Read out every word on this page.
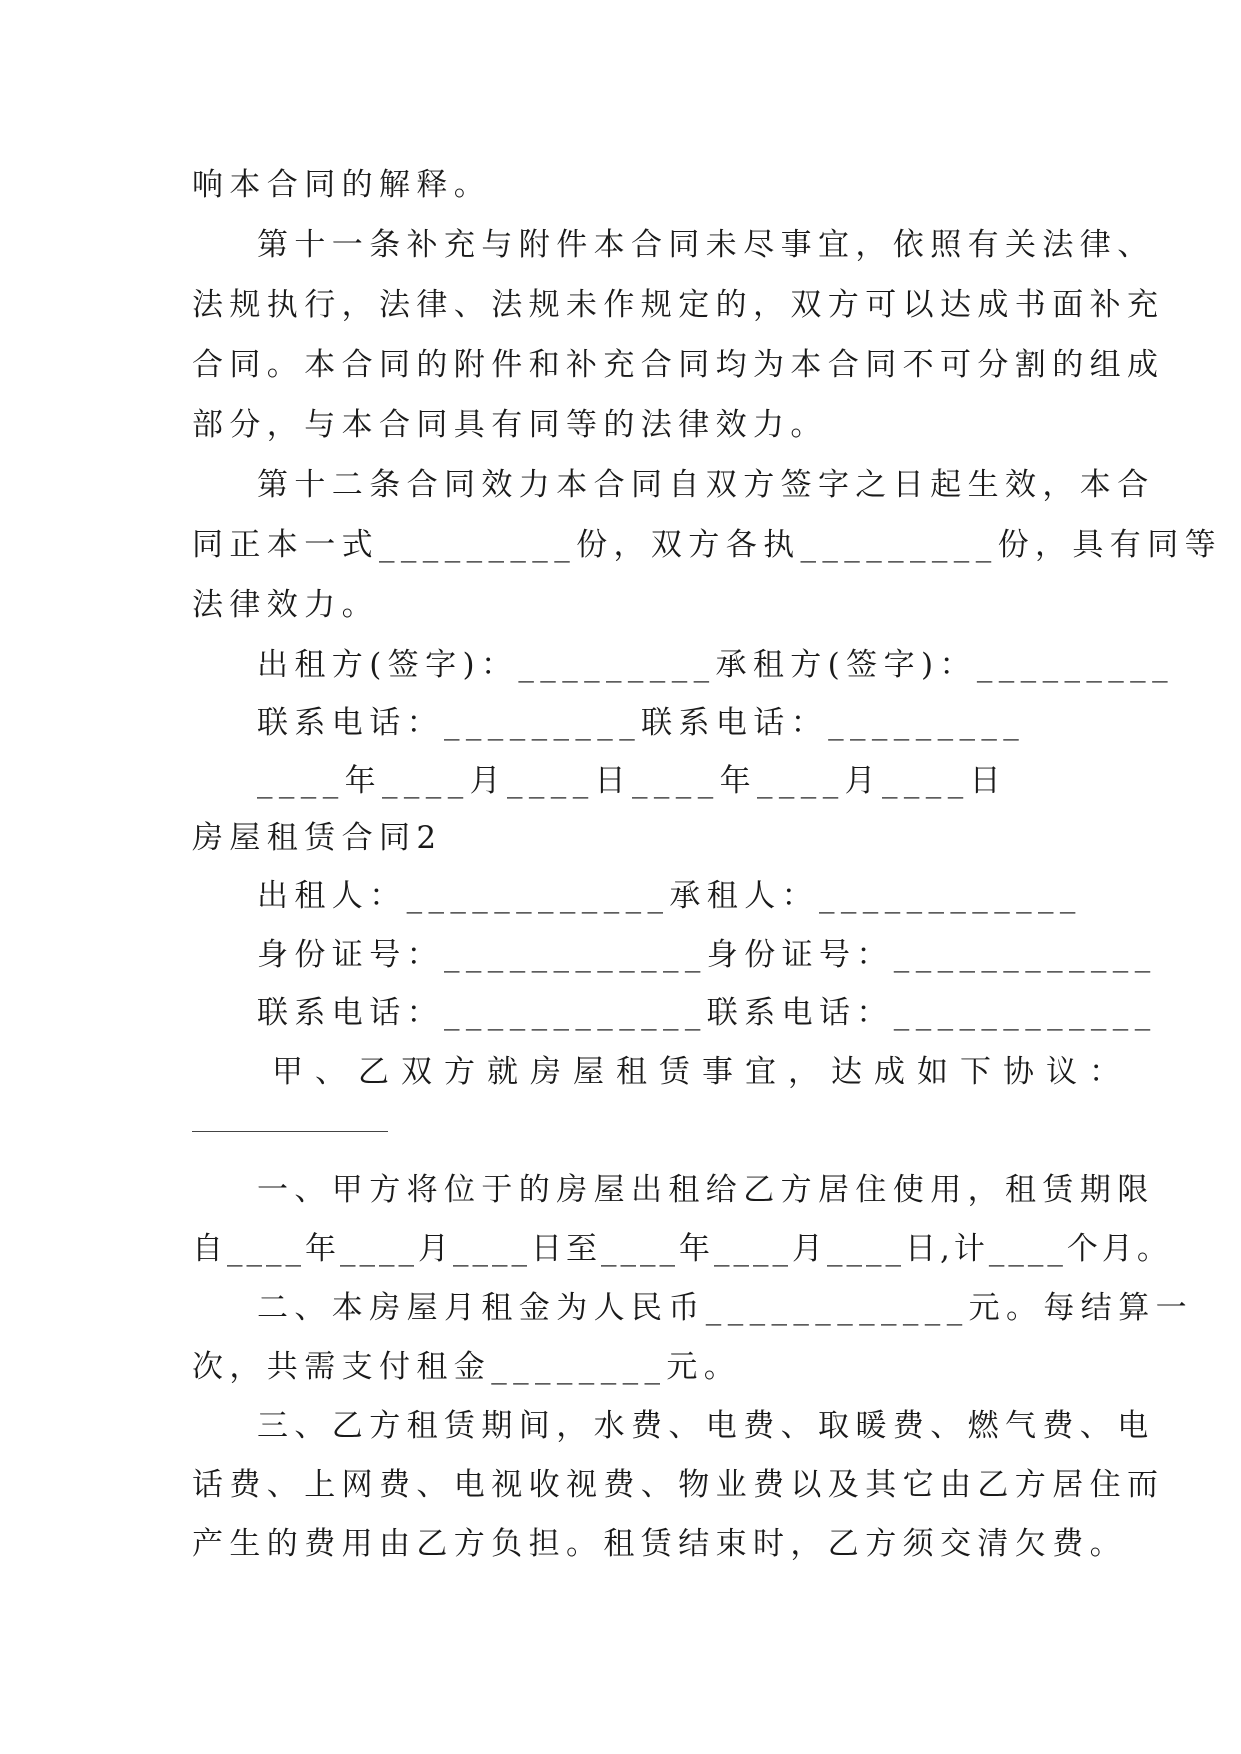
响本合同的解释。
第十一条补充与附件本合同未尽事宜，依照有关法律、
法规执行，法律、法规未作规定的，双方可以达成书面补充
合同。本合同的附件和补充合同均为本合同不可分割的组成
部分，与本合同具有同等的法律效力。
第十二条合同效力本合同自双方签字之日起生效，本合
同正本一式_________份，双方各执_________份，具有同等
法律效力。
出租方(签字)：_________承租方(签字)：_________
联系电话：_________联系电话：_________
____年____月____日____年____月____日
房屋租赁合同2
出租人：____________承租人：____________
身份证号：____________身份证号：____________
联系电话：____________联系电话：____________
甲、乙双方就房屋租赁事宜，达成如下协议：
一、甲方将位于的房屋出租给乙方居住使用，租赁期限
自____年____月____日至____年____月____日,计____个月。
二、本房屋月租金为人民币____________元。每结算一
次，共需支付租金________元。
三、乙方租赁期间，水费、电费、取暖费、燃气费、电
话费、上网费、电视收视费、物业费以及其它由乙方居住而
产生的费用由乙方负担。租赁结束时，乙方须交清欠费。
